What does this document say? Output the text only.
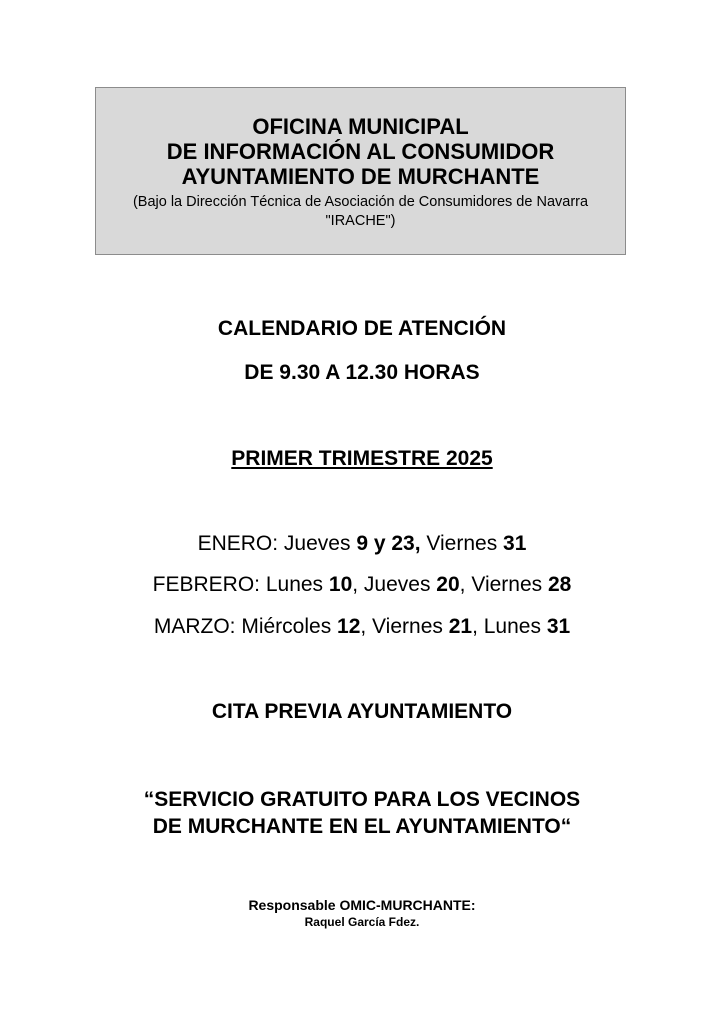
OFICINA MUNICIPAL

DE INFORMACIÓN AL CONSUMIDOR

AYUNTAMIENTO DE MURCHANTE

(Bajo la Dirección Técnica de Asociación de Consumidores de Navarra "IRACHE")

CALENDARIO DE ATENCIÓN
DE 9.30 A 12.30 HORAS
PRIMER TRIMESTRE 2025
ENERO: Jueves 9 y 23, Viernes 31
FEBRERO: Lunes 10, Jueves 20, Viernes 28
MARZO: Miércoles 12, Viernes 21, Lunes 31
CITA PREVIA AYUNTAMIENTO
“SERVICIO GRATUITO PARA LOS VECINOS
DE MURCHANTE EN EL AYUNTAMIENTO“
Responsable OMIC-MURCHANTE:
Raquel García Fdez.
